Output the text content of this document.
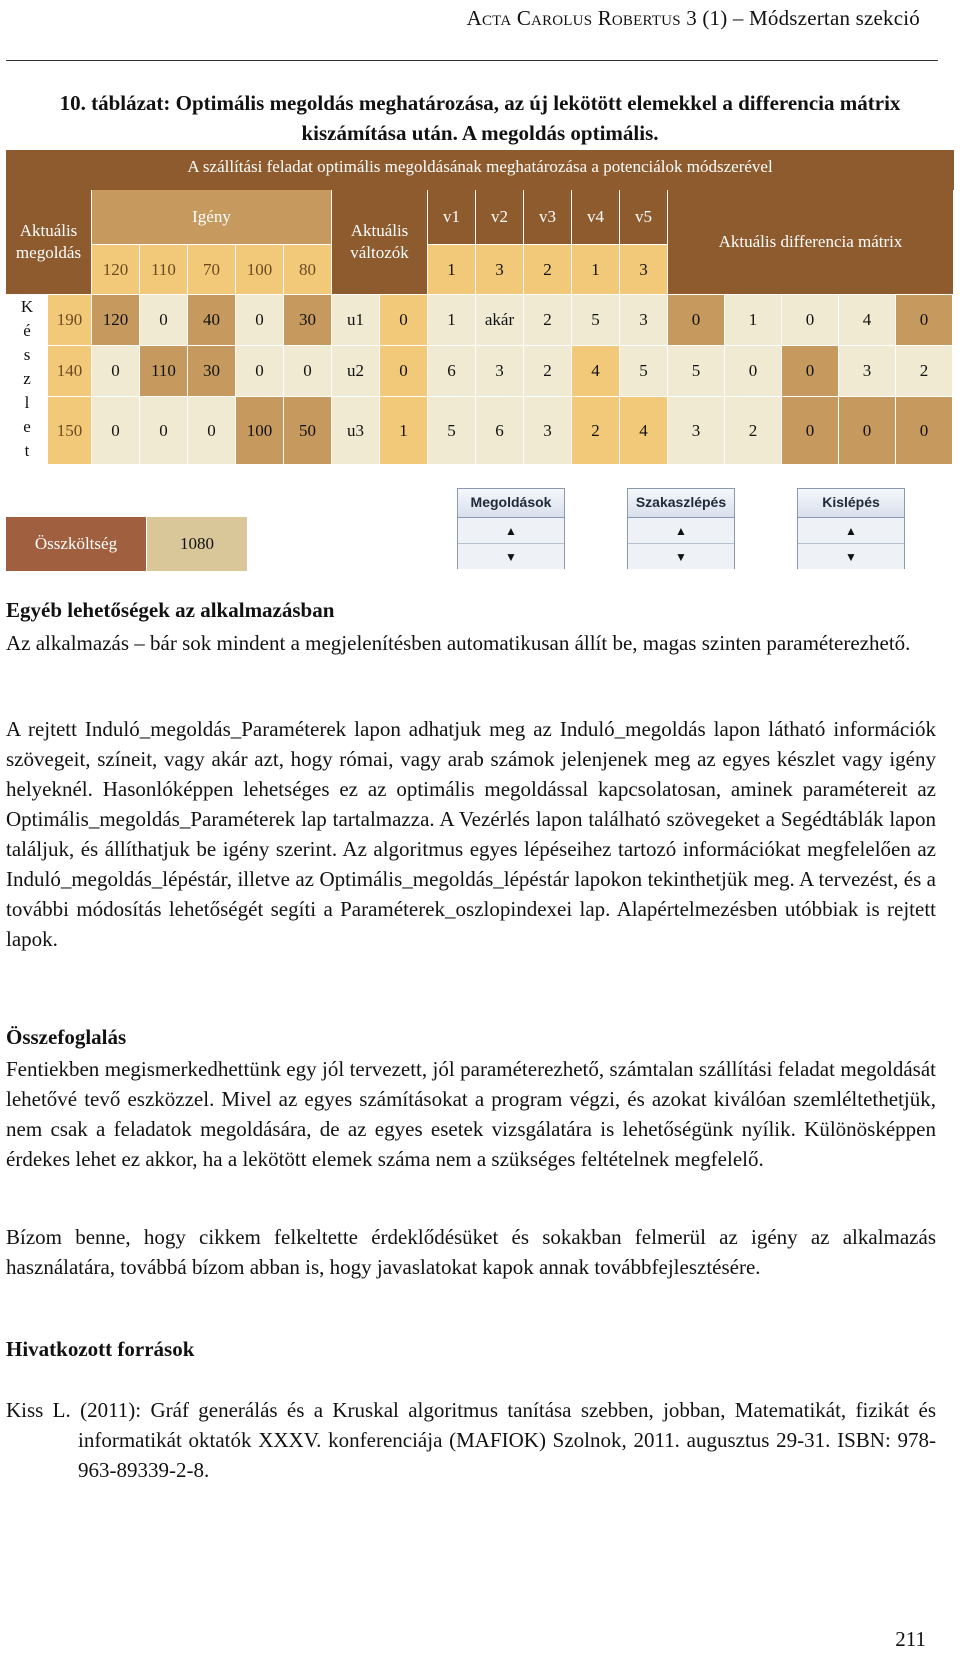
Acta Carolus Robertus 3 (1) – Módszertan szekció
10. táblázat: Optimális megoldás meghatározása, az új lekötött elemekkel a differencia mátrix kiszámítása után. A megoldás optimális.
A szállítási feladat optimális megoldásának meghatározása a potenciálok módszerével
Aktuális megoldás
Igény
Aktuális változók
Aktuális differencia mátrix
120	110	70	100	80
v1	v2	v3	v4	v5
1	3	2	1	3
K
é
s
z
l
e
t
190	120	0	40	0	30	u1	0	1	akár	2	5	3	0	1	0	4	0
140	0	110	30	0	0	u2	0	6	3	2	4	5	5	0	0	3	2
150	0	0	0	100	50	u3	1	5	6	3	2	4	3	2	0	0	0
Összköltség	1080
Megoldások
▲
▼
Szakaszlépés
▲
▼
Kislépés
▲
▼
Egyéb lehetőségek az alkalmazásban
Az alkalmazás – bár sok mindent a megjelenítésben automatikusan állít be, magas szinten paraméterezhető.
A rejtett Induló_megoldás_Paraméterek lapon adhatjuk meg az Induló_megoldás lapon látható információk szövegeit, színeit, vagy akár azt, hogy római, vagy arab számok jelenjenek meg az egyes készlet vagy igény helyeknél. Hasonlóképpen lehetséges ez az optimális megoldással kapcsolatosan, aminek paramétereit az Optimális_megoldás_Paraméterek lap tartalmazza. A Vezérlés lapon található szövegeket a Segédtáblák lapon találjuk, és állíthatjuk be igény szerint. Az algoritmus egyes lépéseihez tartozó információkat megfelelően az Induló_megoldás_lépéstár, illetve az Optimális_megoldás_lépéstár lapokon tekinthetjük meg. A tervezést, és a további módosítás lehetőségét segíti a Paraméterek_oszlopindexei lap. Alapértelmezésben utóbbiak is rejtett lapok.
Összefoglalás
Fentiekben megismerkedhettünk egy jól tervezett, jól paraméterezhető, számtalan szállítási feladat megoldását lehetővé tevő eszközzel. Mivel az egyes számításokat a program végzi, és azokat kiválóan szemléltethetjük, nem csak a feladatok megoldására, de az egyes esetek vizsgálatára is lehetőségünk nyílik. Különösképpen érdekes lehet ez akkor, ha a lekötött elemek száma nem a szükséges feltételnek megfelelő.
Bízom benne, hogy cikkem felkeltette érdeklődésüket és sokakban felmerül az igény az alkalmazás használatára, továbbá bízom abban is, hogy javaslatokat kapok annak továbbfejlesztésére.
Hivatkozott források
Kiss L. (2011): Gráf generálás és a Kruskal algoritmus tanítása szebben, jobban, Matematikát, fizikát és informatikát oktatók XXXV. konferenciája (MAFIOK) Szolnok, 2011. augusztus 29-31. ISBN: 978-963-89339-2-8.
211
